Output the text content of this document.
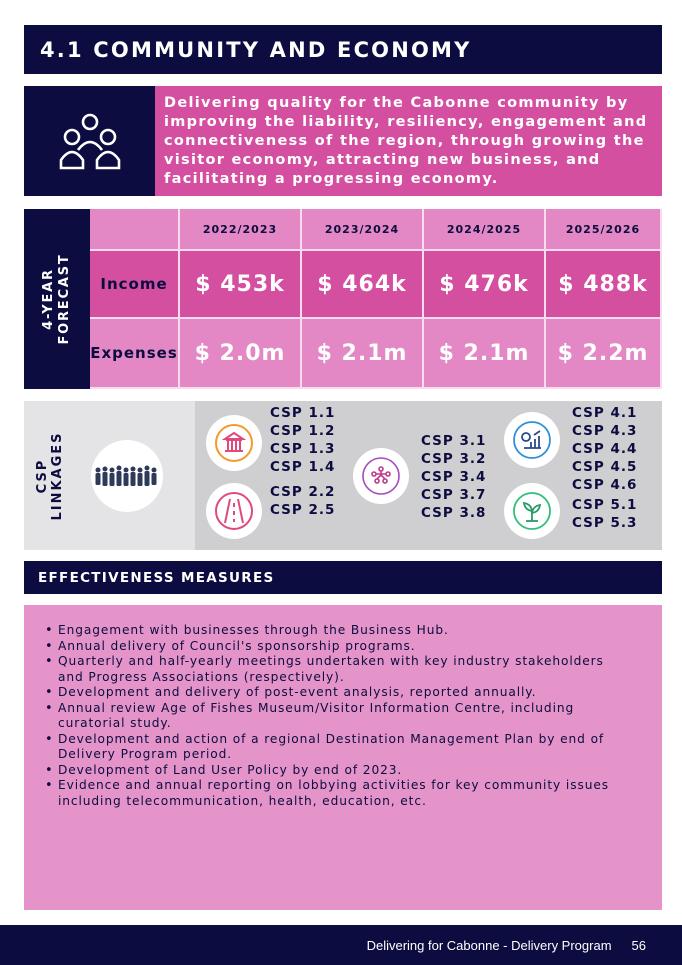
4.1 COMMUNITY AND ECONOMY
Delivering quality for the Cabonne community by improving the liability, resiliency, engagement and connectiveness of the region, through growing the visitor economy, attracting new business, and facilitating a progressing economy.
4-YEAR FORECAST
2022/2023	2023/2024	2024/2025	2025/2026
Income	$ 453k	$ 464k	$ 476k	$ 488k
Expenses $ 2.0m	$ 2.1m	$ 2.1m	$ 2.2m
CSP LINKAGES
CSP 1.1
CSP 1.2
CSP 1.3
CSP 1.4
CSP 2.2
CSP 2.5
CSP 3.1
CSP 3.2
CSP 3.4
CSP 3.7
CSP 3.8
CSP 4.1
CSP 4.3
CSP 4.4
CSP 4.5
CSP 4.6
CSP 5.1
CSP 5.3
EFFECTIVENESS MEASURES
• Engagement with businesses through the Business Hub.
• Annual delivery of Council's sponsorship programs.
• Quarterly and half-yearly meetings undertaken with key industry stakeholders and Progress Associations (respectively).
• Development and delivery of post-event analysis, reported annually.
• Annual review Age of Fishes Museum/Visitor Information Centre, including curatorial study.
• Development and action of a regional Destination Management Plan by end of Delivery Program period.
• Development of Land User Policy by end of 2023.
• Evidence and annual reporting on lobbying activities for key community issues including telecommunication, health, education, etc.
Delivering for Cabonne - Delivery Program 56
